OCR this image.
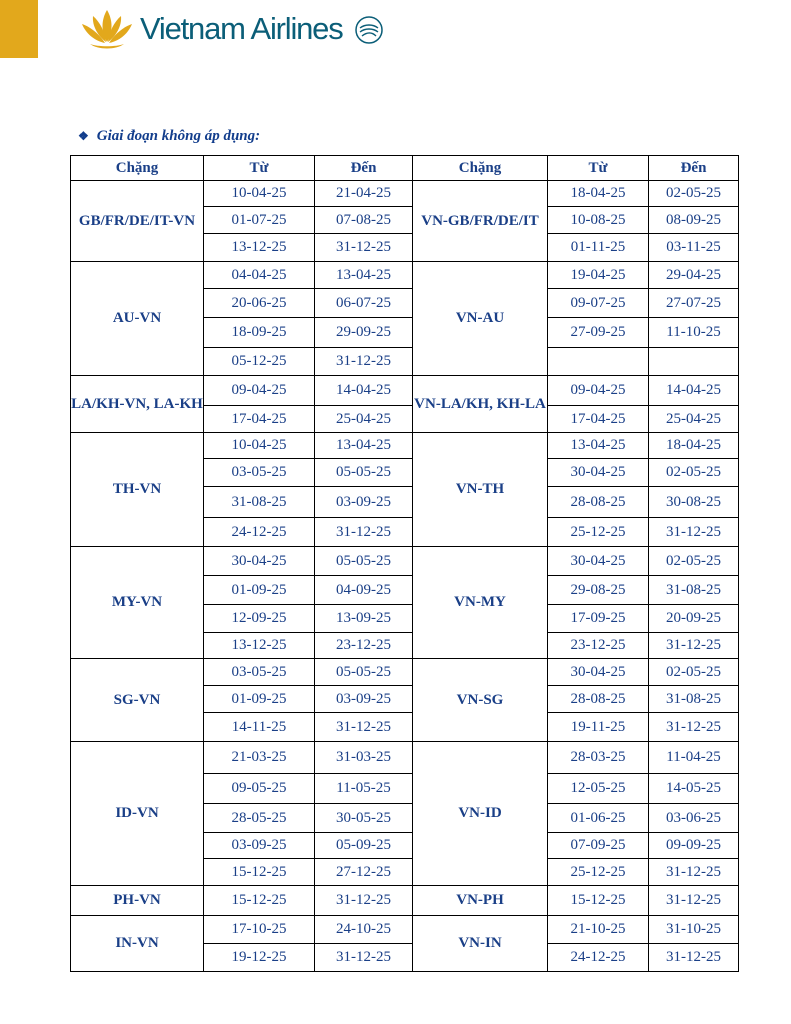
Vietnam Airlines
❖ Giai đoạn không áp dụng:
Chặng	Từ	Đến	Chặng	Từ	Đến
GB/FR/DE/IT-VN	10-04-25	21-04-25	VN-GB/FR/DE/IT	18-04-25	02-05-25
	01-07-25	07-08-25		10-08-25	08-09-25
	13-12-25	31-12-25		01-11-25	03-11-25
AU-VN	04-04-25	13-04-25	VN-AU	19-04-25	29-04-25
	20-06-25	06-07-25		09-07-25	27-07-25
	18-09-25	29-09-25		27-09-25	11-10-25
	05-12-25	31-12-25			
LA/KH-VN, LA-KH	09-04-25	14-04-25	VN-LA/KH, KH-LA	09-04-25	14-04-25
	17-04-25	25-04-25		17-04-25	25-04-25
TH-VN	10-04-25	13-04-25	VN-TH	13-04-25	18-04-25
	03-05-25	05-05-25		30-04-25	02-05-25
	31-08-25	03-09-25		28-08-25	30-08-25
	24-12-25	31-12-25		25-12-25	31-12-25
MY-VN	30-04-25	05-05-25	VN-MY	30-04-25	02-05-25
	01-09-25	04-09-25		29-08-25	31-08-25
	12-09-25	13-09-25		17-09-25	20-09-25
	13-12-25	23-12-25		23-12-25	31-12-25
SG-VN	03-05-25	05-05-25	VN-SG	30-04-25	02-05-25
	01-09-25	03-09-25		28-08-25	31-08-25
	14-11-25	31-12-25		19-11-25	31-12-25
ID-VN	21-03-25	31-03-25	VN-ID	28-03-25	11-04-25
	09-05-25	11-05-25		12-05-25	14-05-25
	28-05-25	30-05-25		01-06-25	03-06-25
	03-09-25	05-09-25		07-09-25	09-09-25
	15-12-25	27-12-25		25-12-25	31-12-25
PH-VN	15-12-25	31-12-25	VN-PH	15-12-25	31-12-25
IN-VN	17-10-25	24-10-25	VN-IN	21-10-25	31-10-25
	19-12-25	31-12-25		24-12-25	31-12-25
